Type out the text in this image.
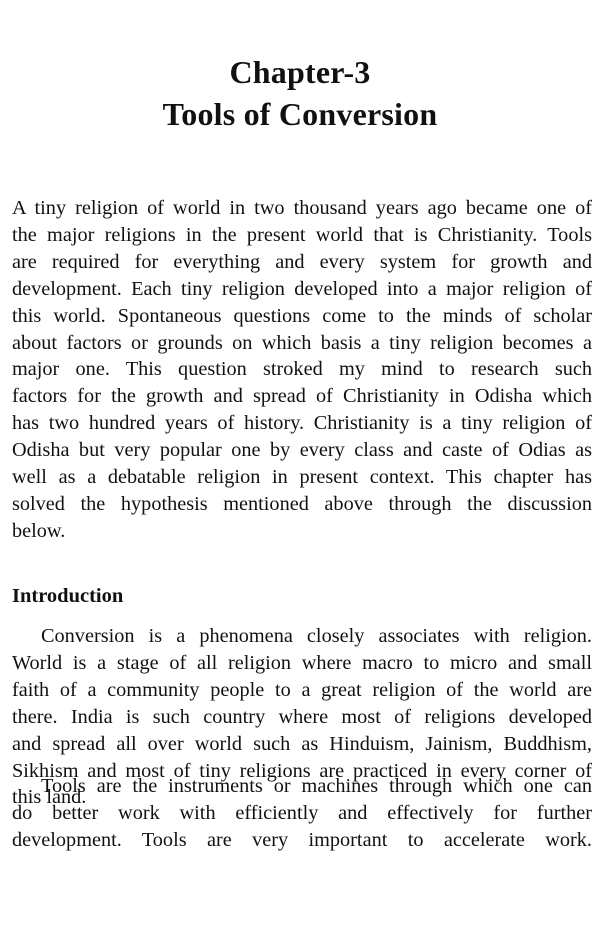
Chapter-3
Tools of Conversion

A tiny religion of world in two thousand years ago became one of
the major religions in the present world that is Christianity. Tools
are required for everything and every system for growth and
development. Each tiny religion developed into a major religion of
this world. Spontaneous questions come to the minds of scholar
about factors or grounds on which basis a tiny religion becomes a
major one. This question stroked my mind to research such
factors for the growth and spread of Christianity in Odisha which
has two hundred years of history. Christianity is a tiny religion of
Odisha but very popular one by every class and caste of Odias as
well as a debatable religion in present context. This chapter has
solved the hypothesis mentioned above through the discussion
below.

Introduction

Conversion is a phenomena closely associates with religion.
World is a stage of all religion where macro to micro and small
faith of a community people to a great religion of the world are
there. India is such country where most of religions developed
and spread all over world such as Hinduism, Jainism, Buddhism,
Sikhism and most of tiny religions are practiced in every corner of
this land.

Tools are the instruments or machines through which one can
do better work with efficiently and effectively for further
development. Tools are very important to accelerate work.
